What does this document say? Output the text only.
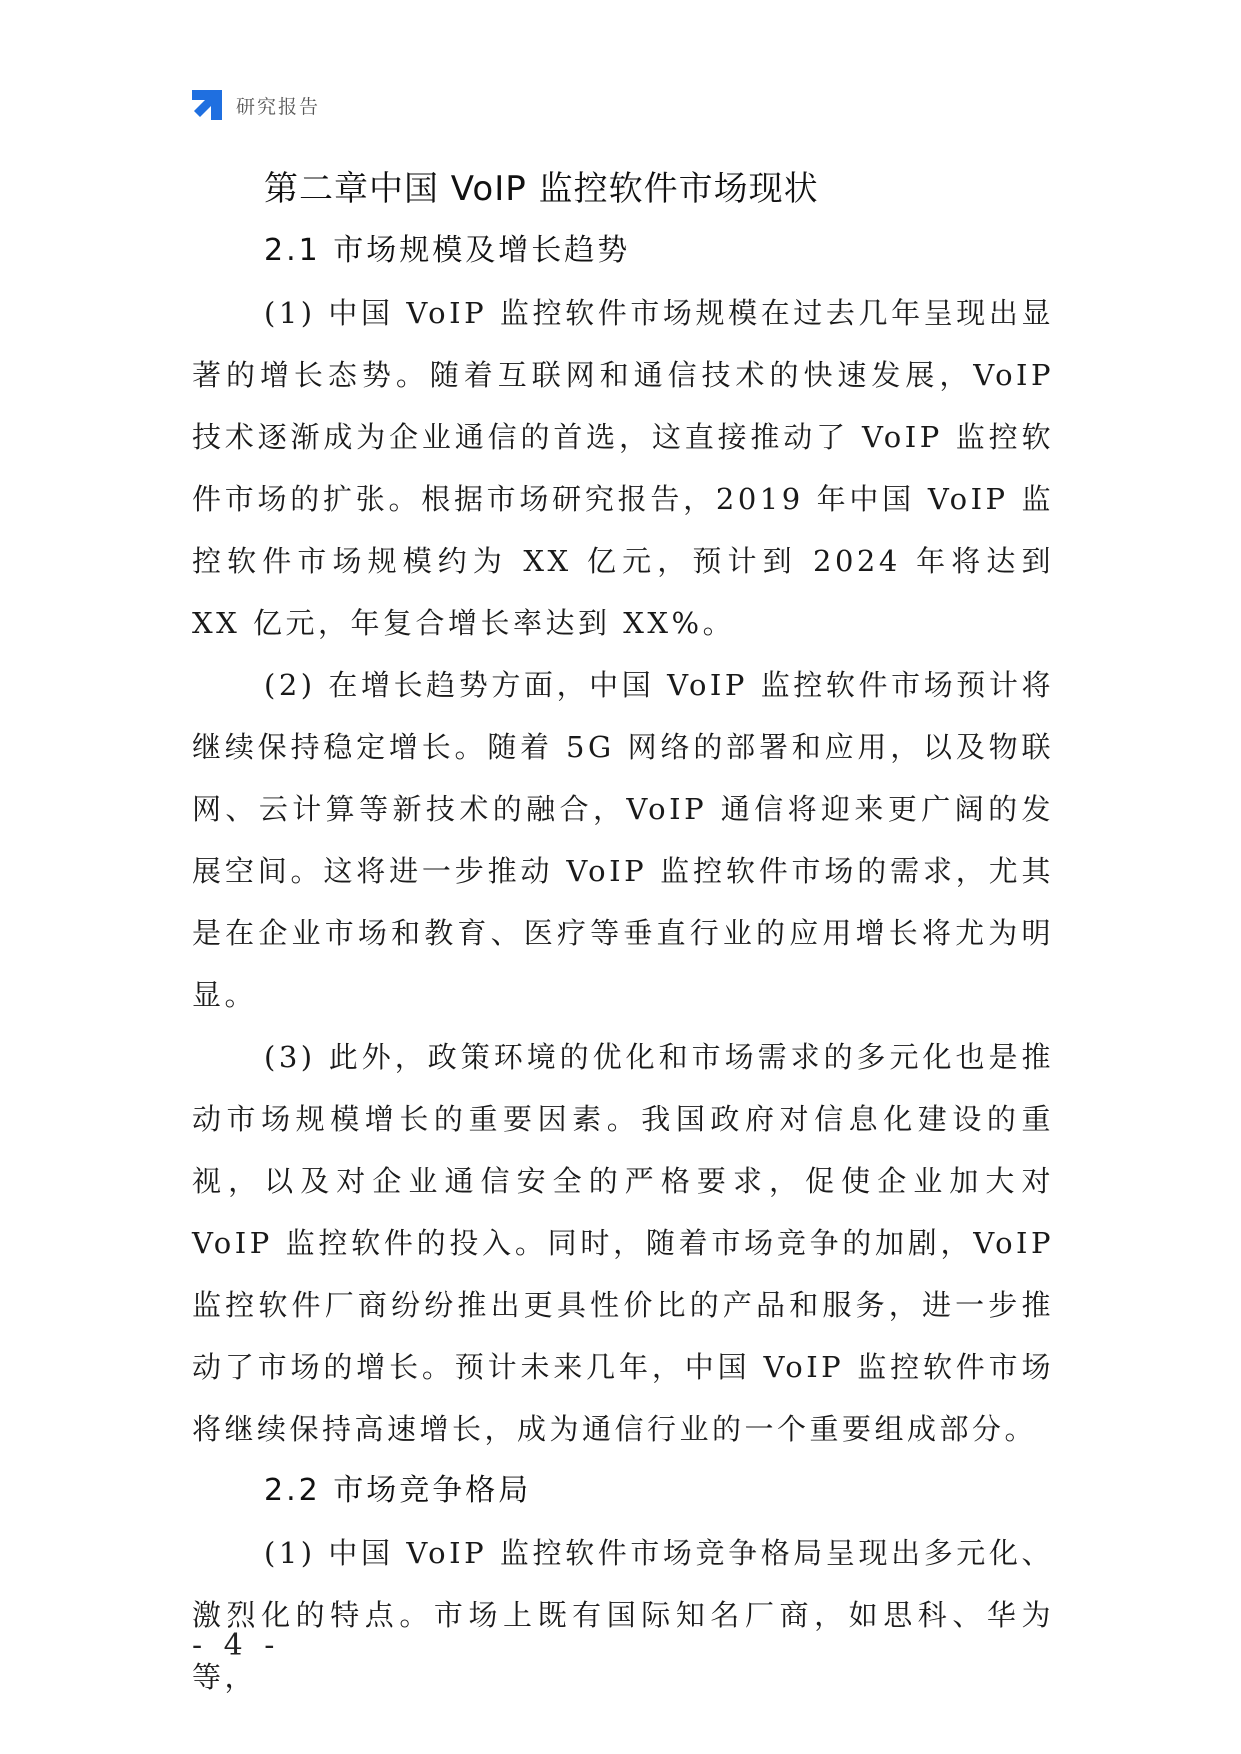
研究报告
第二章中国 VoIP 监控软件市场现状
2.1 市场规模及增长趋势

(1) 中国 VoIP 监控软件市场规模在过去几年呈现出显著的增长态势。随着互联网和通信技术的快速发展，VoIP 技术逐渐成为企业通信的首选，这直接推动了 VoIP 监控软件市场的扩张。根据市场研究报告，2019 年中国 VoIP 监控软件市场规模约为 XX 亿元，预计到 2024 年将达到 XX 亿元，年复合增长率达到 XX%。

(2) 在增长趋势方面，中国 VoIP 监控软件市场预计将继续保持稳定增长。随着 5G 网络的部署和应用，以及物联网、云计算等新技术的融合，VoIP 通信将迎来更广阔的发展空间。这将进一步推动 VoIP 监控软件市场的需求，尤其是在企业市场和教育、医疗等垂直行业的应用增长将尤为明显。

(3) 此外，政策环境的优化和市场需求的多元化也是推动市场规模增长的重要因素。我国政府对信息化建设的重视，以及对企业通信安全的严格要求，促使企业加大对 VoIP 监控软件的投入。同时，随着市场竞争的加剧，VoIP 监控软件厂商纷纷推出更具性价比的产品和服务，进一步推动了市场的增长。预计未来几年，中国 VoIP 监控软件市场将继续保持高速增长，成为通信行业的一个重要组成部分。

2.2 市场竞争格局

(1) 中国 VoIP 监控软件市场竞争格局呈现出多元化、激烈化的特点。市场上既有国际知名厂商，如思科、华为等，

- 4 -
